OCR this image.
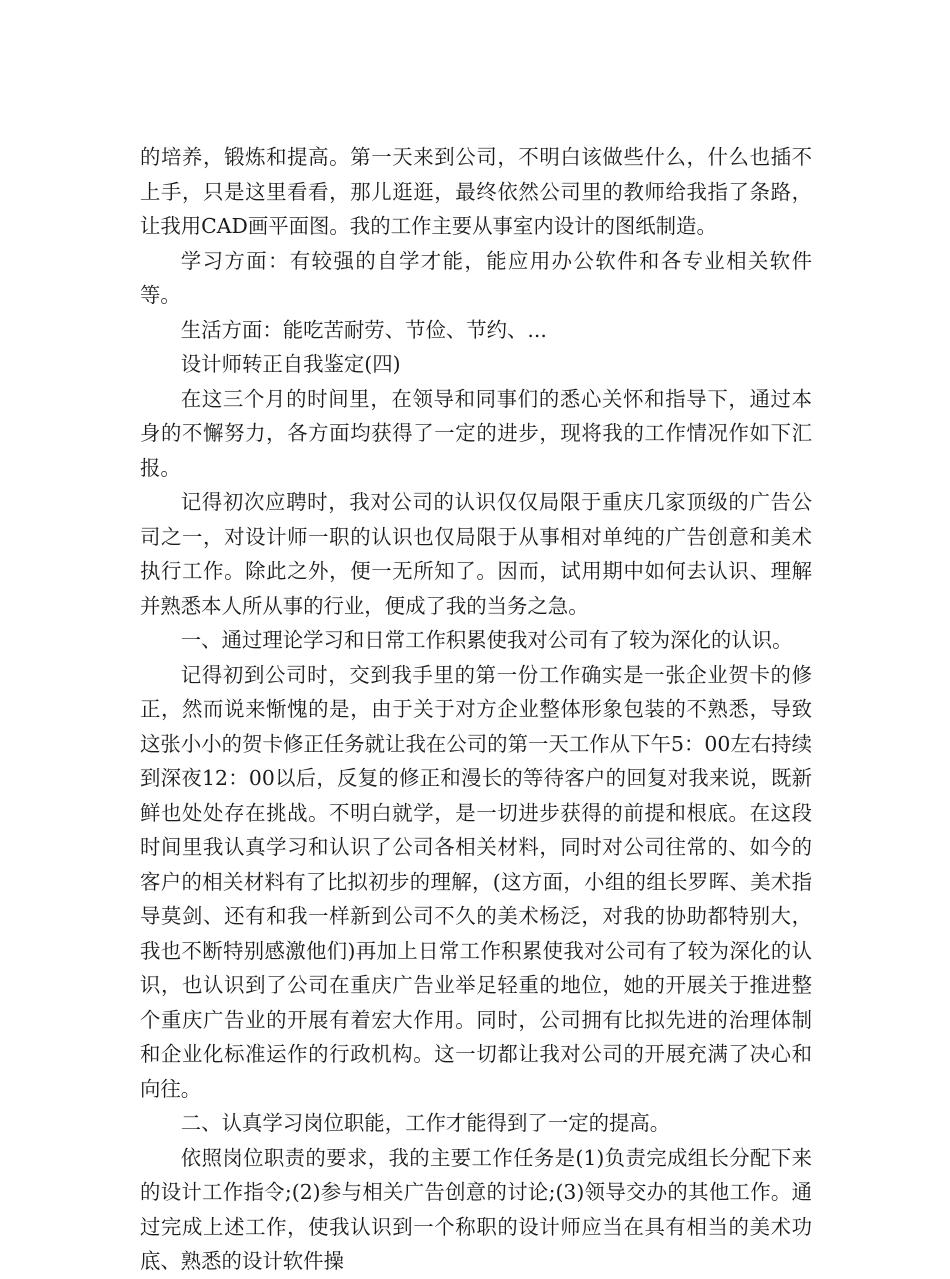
的培养，锻炼和提高。第一天来到公司，不明白该做些什么，什么也插不上手，只是这里看看，那儿逛逛，最终依然公司里的教师给我指了条路，让我用CAD画平面图。我的工作主要从事室内设计的图纸制造。

学习方面：有较强的自学才能，能应用办公软件和各专业相关软件等。

生活方面：能吃苦耐劳、节俭、节约、...

设计师转正自我鉴定(四)

在这三个月的时间里，在领导和同事们的悉心关怀和指导下，通过本身的不懈努力，各方面均获得了一定的进步，现将我的工作情况作如下汇报。

记得初次应聘时，我对公司的认识仅仅局限于重庆几家顶级的广告公司之一，对设计师一职的认识也仅局限于从事相对单纯的广告创意和美术执行工作。除此之外，便一无所知了。因而，试用期中如何去认识、理解并熟悉本人所从事的行业，便成了我的当务之急。

一、通过理论学习和日常工作积累使我对公司有了较为深化的认识。

记得初到公司时，交到我手里的第一份工作确实是一张企业贺卡的修正，然而说来惭愧的是，由于关于对方企业整体形象包装的不熟悉，导致这张小小的贺卡修正任务就让我在公司的第一天工作从下午5：00左右持续到深夜12：00以后，反复的修正和漫长的等待客户的回复对我来说，既新鲜也处处存在挑战。不明白就学，是一切进步获得的前提和根底。在这段时间里我认真学习和认识了公司各相关材料，同时对公司往常的、如今的客户的相关材料有了比拟初步的理解，(这方面，小组的组长罗晖、美术指导莫剑、还有和我一样新到公司不久的美术杨泛，对我的协助都特别大，我也不断特别感激他们)再加上日常工作积累使我对公司有了较为深化的认识，也认识到了公司在重庆广告业举足轻重的地位，她的开展关于推进整个重庆广告业的开展有着宏大作用。同时，公司拥有比拟先进的治理体制和企业化标准运作的行政机构。这一切都让我对公司的开展充满了决心和向往。

二、认真学习岗位职能，工作才能得到了一定的提高。

依照岗位职责的要求，我的主要工作任务是(1)负责完成组长分配下来的设计工作指令;(2)参与相关广告创意的讨论;(3)领导交办的其他工作。通过完成上述工作，使我认识到一个称职的设计师应当在具有相当的美术功底、熟悉的设计软件操
